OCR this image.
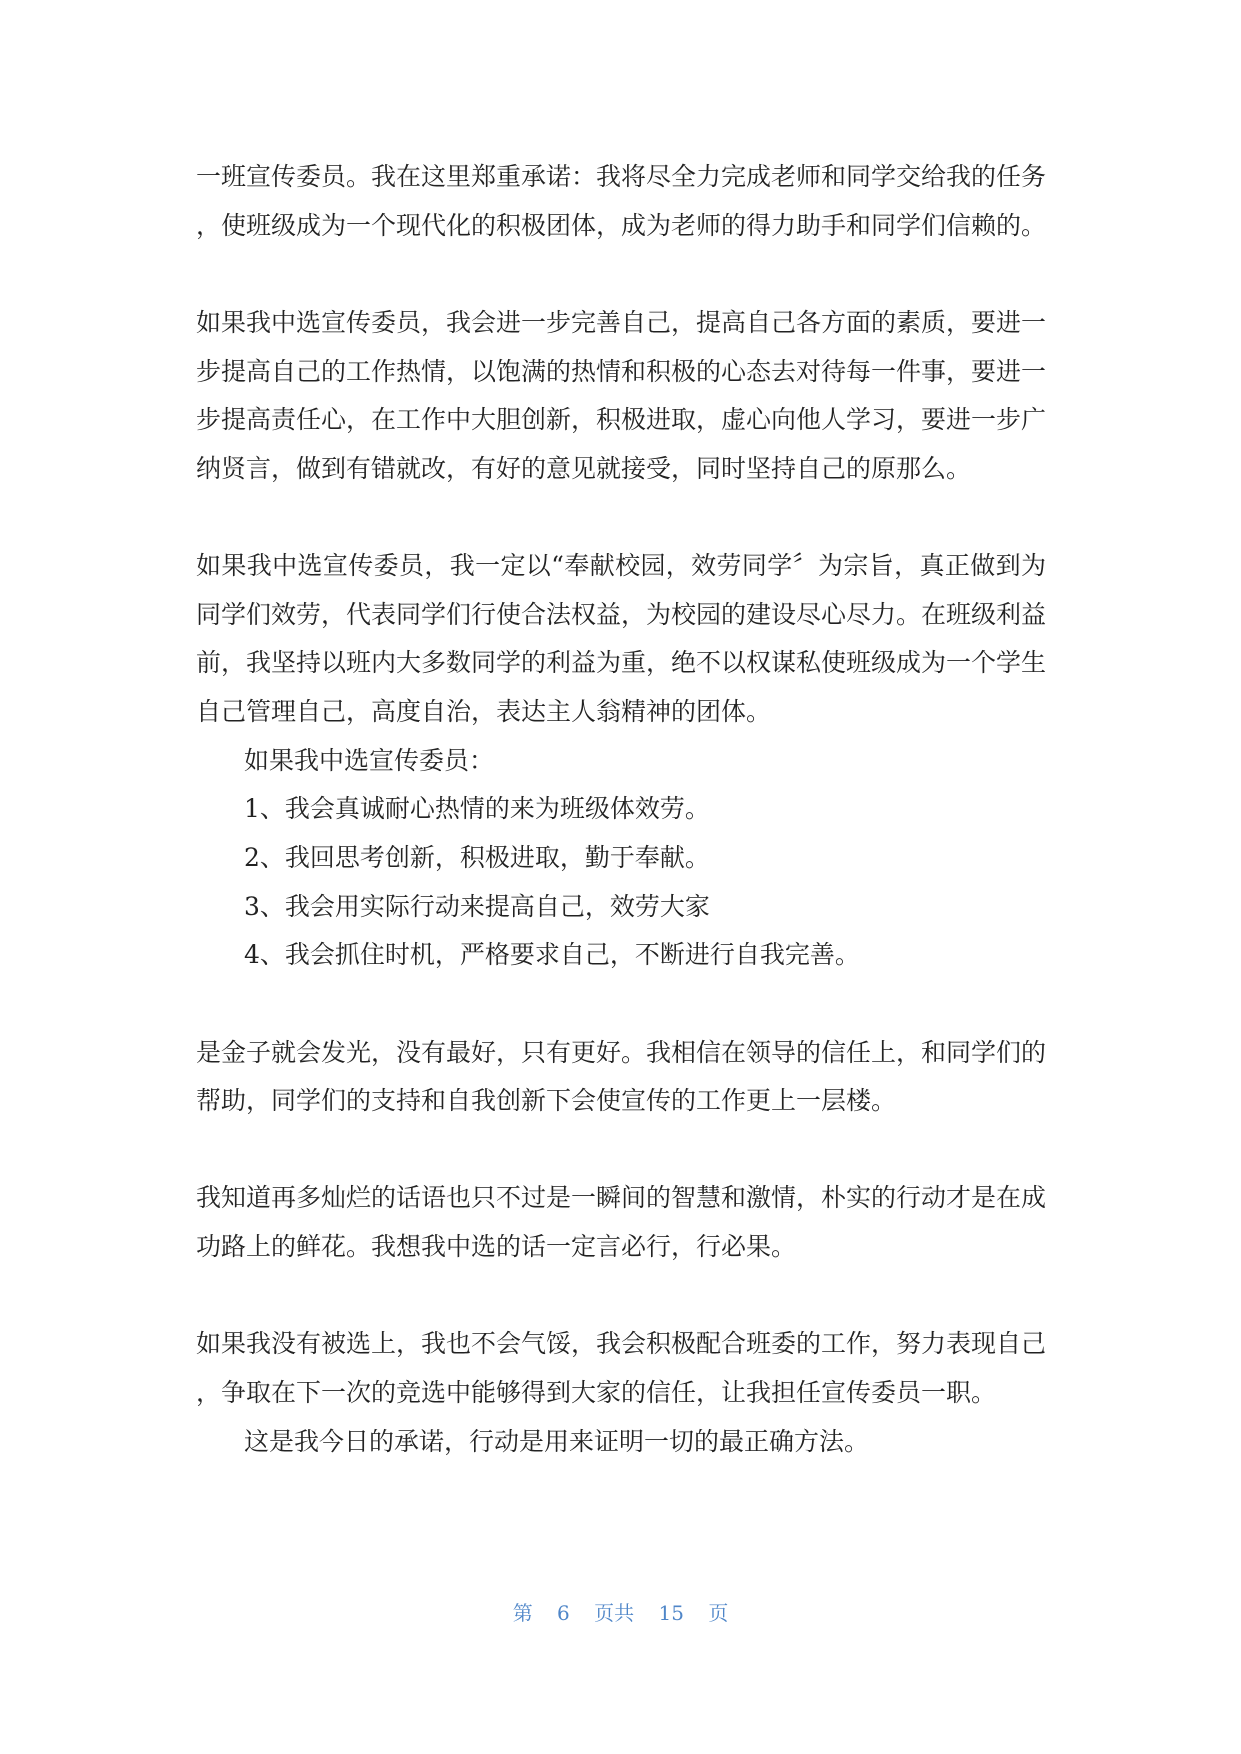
一班宣传委员。我在这里郑重承诺：我将尽全力完成老师和同学交给我的任务
，使班级成为一个现代化的积极团体，成为老师的得力助手和同学们信赖的。
如果我中选宣传委员，我会进一步完善自己，提高自己各方面的素质，要进一
步提高自己的工作热情，以饱满的热情和积极的心态去对待每一件事，要进一
步提高责任心，在工作中大胆创新，积极进取，虚心向他人学习，要进一步广
纳贤言，做到有错就改，有好的意见就接受，同时坚持自己的原那么。
如果我中选宣传委员，我一定以“奉献校园，效劳同学〞为宗旨，真正做到为
同学们效劳，代表同学们行使合法权益，为校园的建设尽心尽力。在班级利益
前，我坚持以班内大多数同学的利益为重，绝不以权谋私使班级成为一个学生
自己管理自己，高度自治，表达主人翁精神的团体。
如果我中选宣传委员：
1、我会真诚耐心热情的来为班级体效劳。
2、我回思考创新，积极进取，勤于奉献。
3、我会用实际行动来提高自己，效劳大家
4、我会抓住时机，严格要求自己，不断进行自我完善。
是金子就会发光，没有最好，只有更好。我相信在领导的信任上，和同学们的
帮助，同学们的支持和自我创新下会使宣传的工作更上一层楼。
我知道再多灿烂的话语也只不过是一瞬间的智慧和激情，朴实的行动才是在成
功路上的鲜花。我想我中选的话一定言必行，行必果。
如果我没有被选上，我也不会气馁，我会积极配合班委的工作，努力表现自己
，争取在下一次的竞选中能够得到大家的信任，让我担任宣传委员一职。
这是我今日的承诺，行动是用来证明一切的最正确方法。
第 6 页共 15 页
